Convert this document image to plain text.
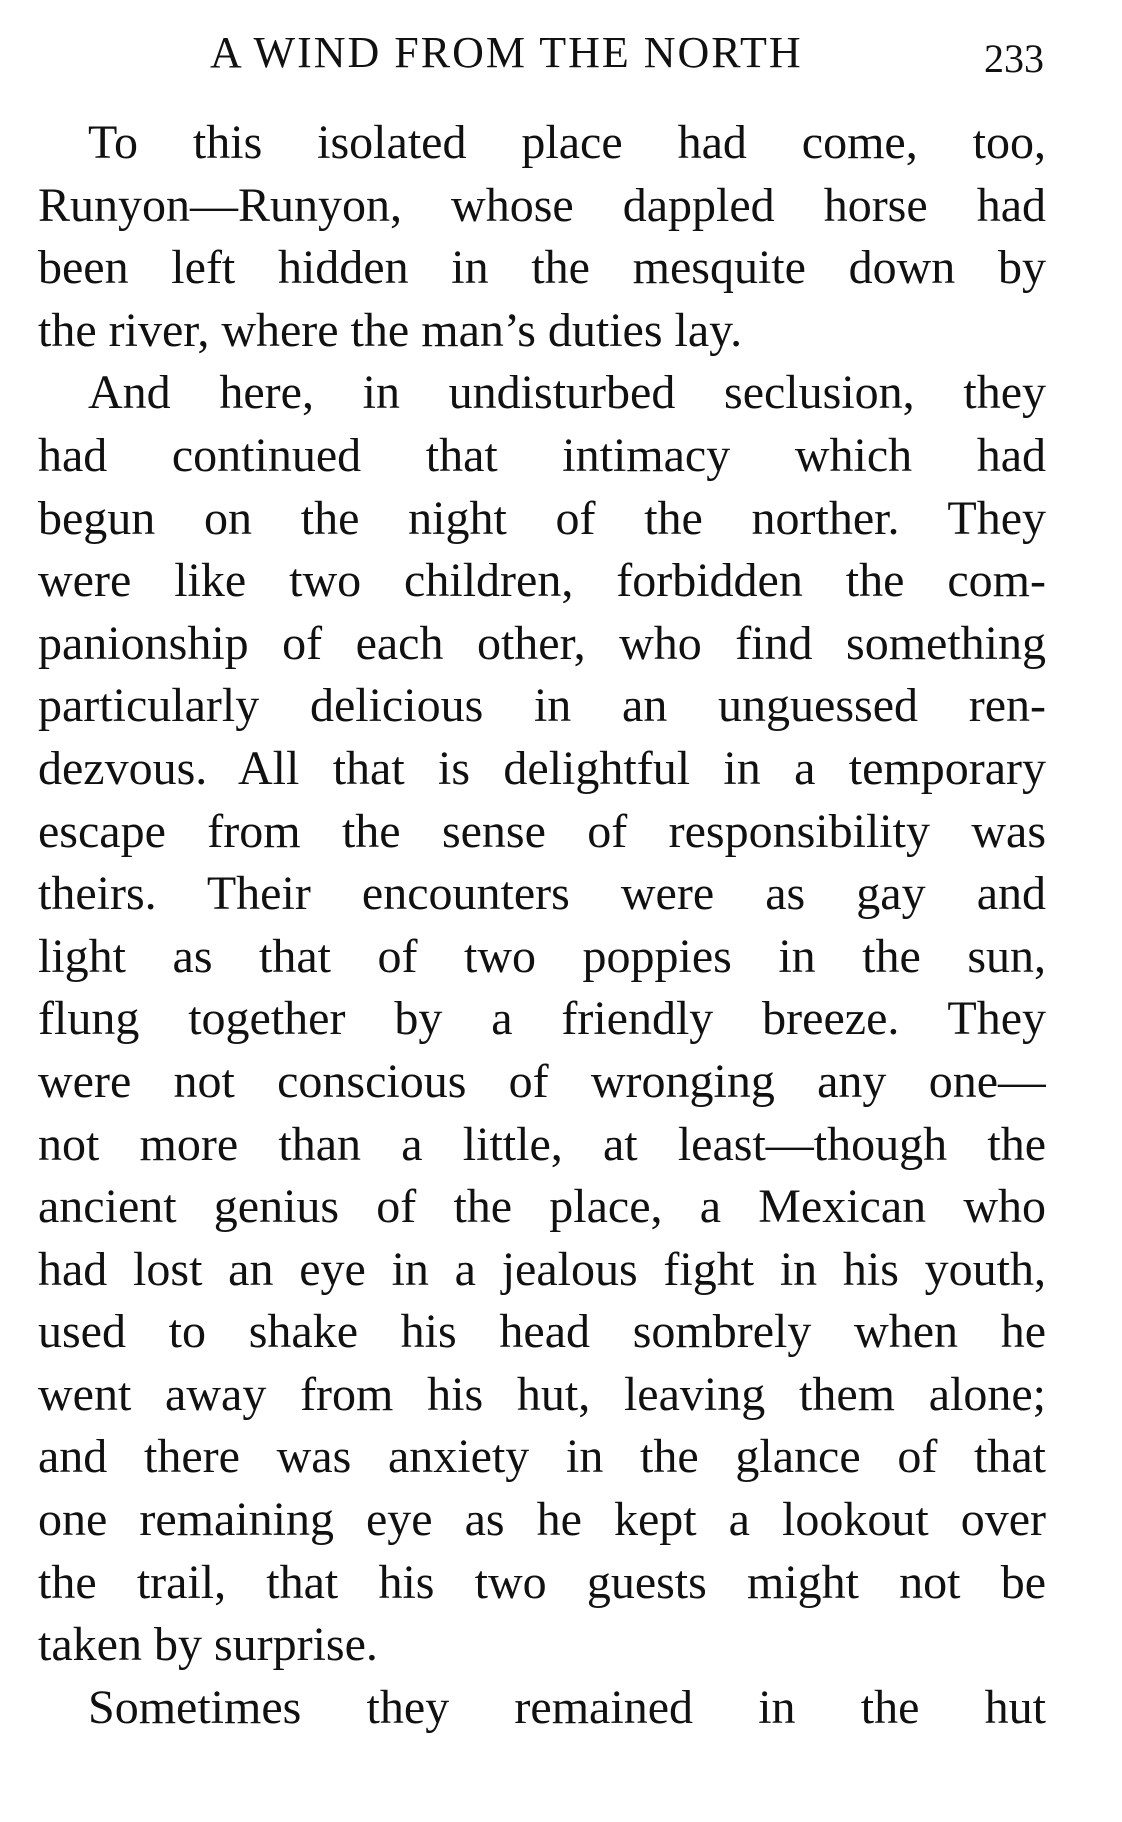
A WIND FROM THE NORTH	233
To this isolated place had come, too,
Runyon—Runyon, whose dappled horse had
been left hidden in the mesquite down by
the river, where the man’s duties lay.
And here, in undisturbed seclusion, they
had continued that intimacy which had
begun on the night of the norther. They
were like two children, forbidden the com-
panionship of each other, who find something
particularly delicious in an unguessed ren-
dezvous. All that is delightful in a temporary
escape from the sense of responsibility was
theirs. Their encounters were as gay and
light as that of two poppies in the sun,
flung together by a friendly breeze. They
were not conscious of wronging any one—
not more than a little, at least—though the
ancient genius of the place, a Mexican who
had lost an eye in a jealous fight in his youth,
used to shake his head sombrely when he
went away from his hut, leaving them alone;
and there was anxiety in the glance of that
one remaining eye as he kept a lookout over
the trail, that his two guests might not be
taken by surprise.
Sometimes they remained in the hut
